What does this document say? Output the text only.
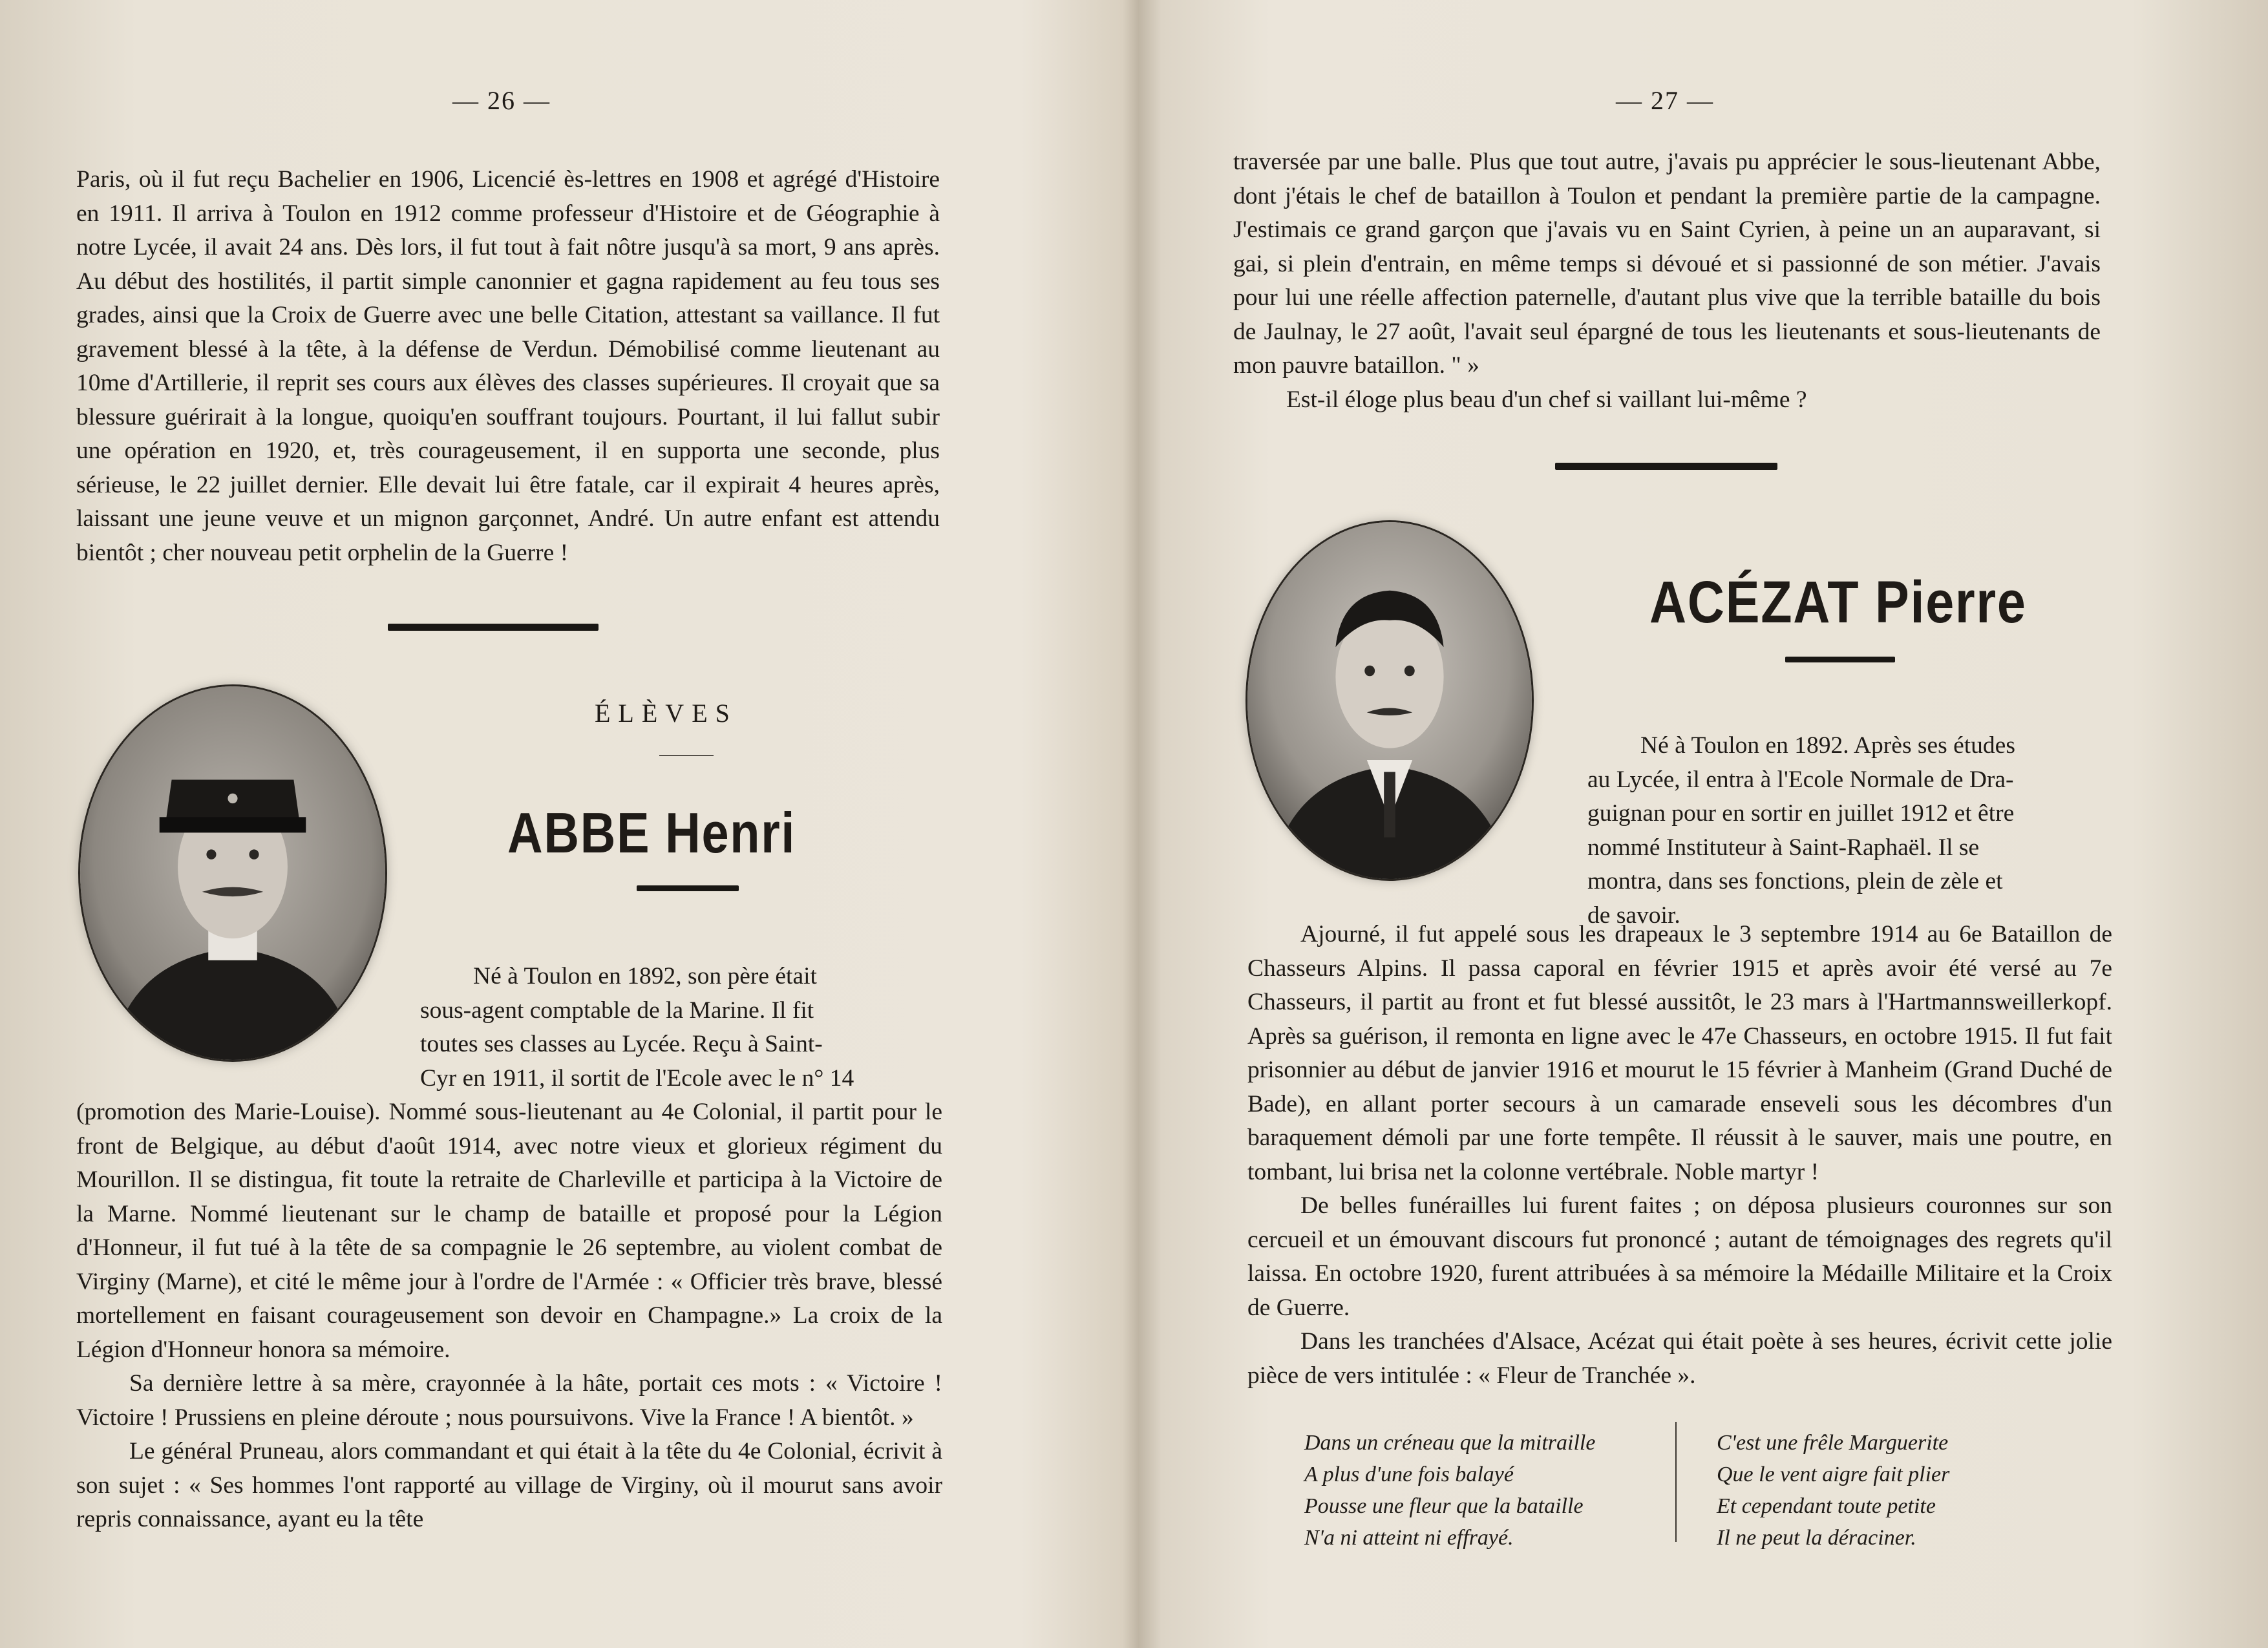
— 26 —

Paris, où il fut reçu Bachelier en 1906, Licencié ès-lettres en 1908 et agrégé d'Histoire en 1911. Il arriva à Toulon en 1912 comme professeur d'Histoire et de Géographie à notre Lycée, il avait 24 ans. Dès lors, il fut tout à fait nôtre jusqu'à sa mort, 9 ans après. Au début des hostilités, il partit simple canonnier et gagna rapidement au feu tous ses grades, ainsi que la Croix de Guerre avec une belle Citation, attestant sa vaillance. Il fut gravement blessé à la tête, à la défense de Verdun. Démobilisé comme lieutenant au 10me d'Artillerie, il reprit ses cours aux élèves des classes supérieures. Il croyait que sa blessure guérirait à la longue, quoiqu'en souffrant toujours. Pourtant, il lui fallut subir une opération en 1920, et, très courageusement, il en supporta une seconde, plus sérieuse, le 22 juillet dernier. Elle devait lui être fatale, car il expirait 4 heures après, laissant une jeune veuve et un mignon garçonnet, André. Un autre enfant est attendu bientôt ; cher nouveau petit orphelin de la Guerre !

ÉLÈVES
ABBE Henri

Né à Toulon en 1892, son père était

sous-agent comptable de la Marine. Il fit

toutes ses classes au Lycée. Reçu à Saint-

Cyr en 1911, il sortit de l'Ecole avec le n° 14

(promotion des Marie-Louise). Nommé sous-lieutenant au 4e Colonial, il partit pour le front de Belgique, au début d'août 1914, avec notre vieux et glorieux régiment du Mourillon. Il se distingua, fit toute la retraite de Charleville et participa à la Victoire de la Marne. Nommé lieutenant sur le champ de bataille et proposé pour la Légion d'Honneur, il fut tué à la tête de sa compagnie le 26 septembre, au violent combat de Virginy (Marne), et cité le même jour à l'ordre de l'Armée : « Officier très brave, blessé mortellement en faisant courageusement son devoir en Champagne.» La croix de la Légion d'Honneur honora sa mémoire.

Sa dernière lettre à sa mère, crayonnée à la hâte, portait ces mots : « Victoire ! Victoire ! Prussiens en pleine déroute ; nous poursuivons. Vive la France ! A bientôt. »

Le général Pruneau, alors commandant et qui était à la tête du 4e Colonial, écrivit à son sujet : « Ses hommes l'ont rapporté au village de Virginy, où il mourut sans avoir repris connaissance, ayant eu la tête

— 27 —

traversée par une balle. Plus que tout autre, j'avais pu apprécier le sous-lieutenant Abbe, dont j'étais le chef de bataillon à Toulon et pendant la première partie de la campagne. J'estimais ce grand garçon que j'avais vu en Saint Cyrien, à peine un an auparavant, si gai, si plein d'entrain, en même temps si dévoué et si passionné de son métier. J'avais pour lui une réelle affection paternelle, d'autant plus vive que la terrible bataille du bois de Jaulnay, le 27 août, l'avait seul épargné de tous les lieutenants et sous-lieutenants de mon pauvre bataillon. " »

Est-il éloge plus beau d'un chef si vaillant lui-même ?

ACÉZAT Pierre

Né à Toulon en 1892. Après ses études

au Lycée, il entra à l'Ecole Normale de Dra-

guignan pour en sortir en juillet 1912 et être

nommé Instituteur à Saint-Raphaël. Il se

montra, dans ses fonctions, plein de zèle et

de savoir.

Ajourné, il fut appelé sous les drapeaux le 3 septembre 1914 au 6e Bataillon de Chasseurs Alpins. Il passa caporal en février 1915 et après avoir été versé au 7e Chasseurs, il partit au front et fut blessé aussitôt, le 23 mars à l'Hartmannsweillerkopf. Après sa guérison, il remonta en ligne avec le 47e Chasseurs, en octobre 1915. Il fut fait prisonnier au début de janvier 1916 et mourut le 15 février à Manheim (Grand Duché de Bade), en allant porter secours à un camarade enseveli sous les décombres d'un baraquement démoli par une forte tempête. Il réussit à le sauver, mais une poutre, en tombant, lui brisa net la colonne vertébrale. Noble martyr !

De belles funérailles lui furent faites ; on déposa plusieurs couronnes sur son cercueil et un émouvant discours fut prononcé ; autant de témoignages des regrets qu'il laissa. En octobre 1920, furent attribuées à sa mémoire la Médaille Militaire et la Croix de Guerre.

Dans les tranchées d'Alsace, Acézat qui était poète à ses heures, écrivit cette jolie pièce de vers intitulée : « Fleur de Tranchée ».

Dans un créneau que la mitraille
A plus d'une fois balayé
Pousse une fleur que la bataille
N'a ni atteint ni effrayé.
C'est une frêle Marguerite
Que le vent aigre fait plier
Et cependant toute petite
Il ne peut la déraciner.
